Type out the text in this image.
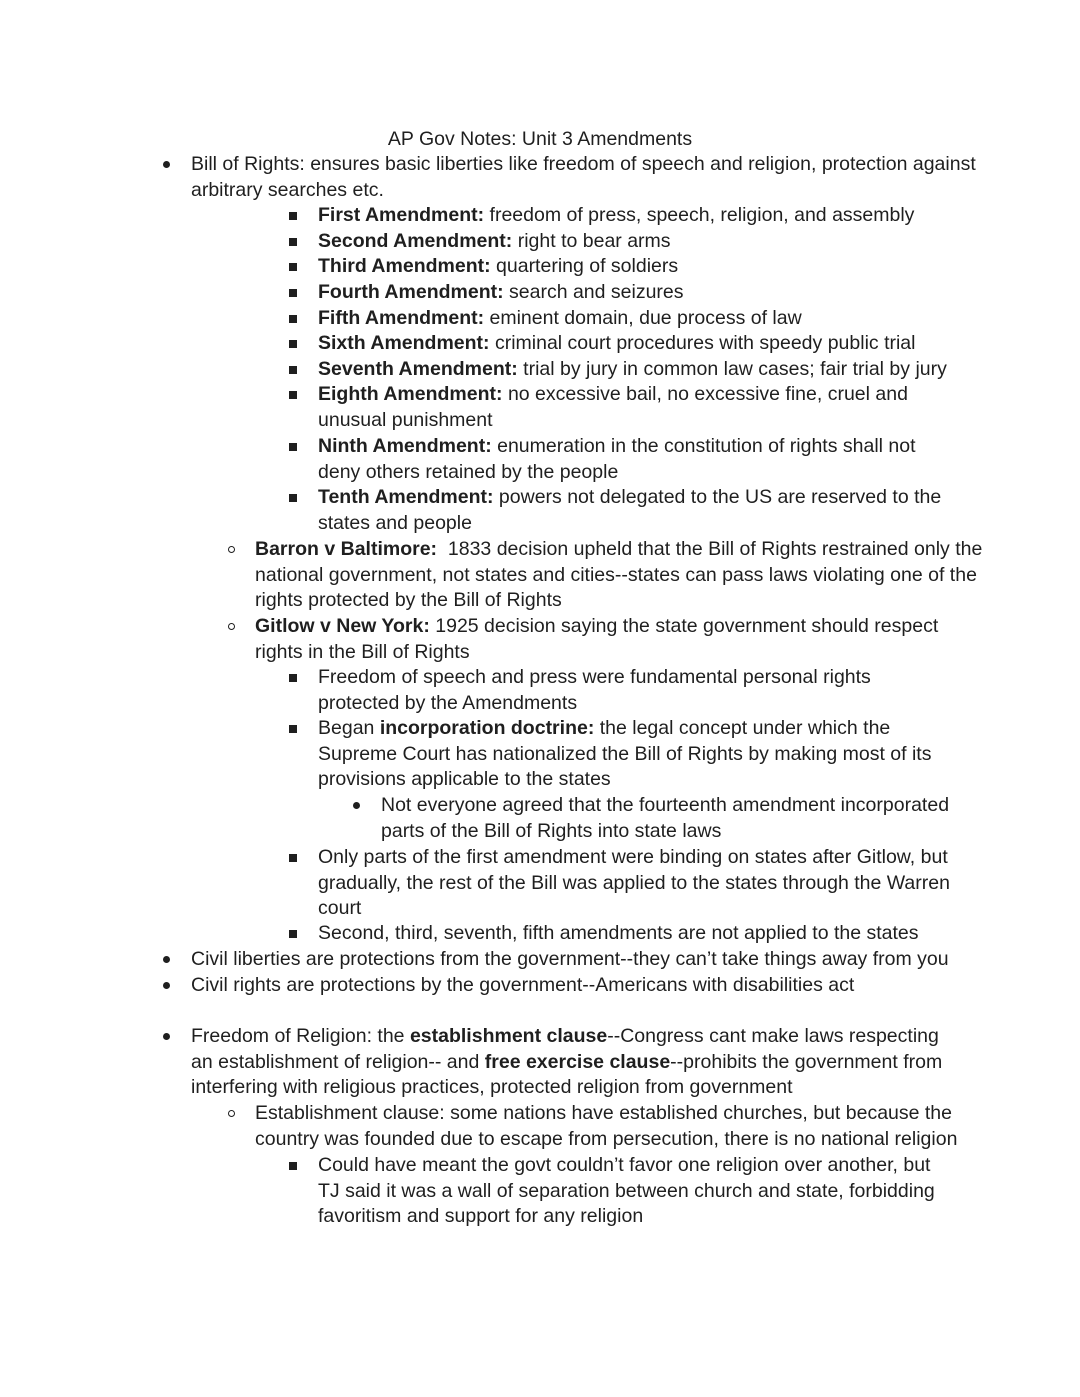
AP Gov Notes: Unit 3 Amendments
Bill of Rights: ensures basic liberties like freedom of speech and religion, protection against arbitrary searches etc.
First Amendment: freedom of press, speech, religion, and assembly
Second Amendment: right to bear arms
Third Amendment: quartering of soldiers
Fourth Amendment: search and seizures
Fifth Amendment: eminent domain, due process of law
Sixth Amendment: criminal court procedures with speedy public trial
Seventh Amendment: trial by jury in common law cases; fair trial by jury
Eighth Amendment: no excessive bail, no excessive fine, cruel and unusual punishment
Ninth Amendment: enumeration in the constitution of rights shall not deny others retained by the people
Tenth Amendment: powers not delegated to the US are reserved to the states and people
Barron v Baltimore: 1833 decision upheld that the Bill of Rights restrained only the national government, not states and cities--states can pass laws violating one of the rights protected by the Bill of Rights
Gitlow v New York: 1925 decision saying the state government should respect rights in the Bill of Rights
Freedom of speech and press were fundamental personal rights protected by the Amendments
Began incorporation doctrine: the legal concept under which the Supreme Court has nationalized the Bill of Rights by making most of its provisions applicable to the states
Not everyone agreed that the fourteenth amendment incorporated parts of the Bill of Rights into state laws
Only parts of the first amendment were binding on states after Gitlow, but gradually, the rest of the Bill was applied to the states through the Warren court
Second, third, seventh, fifth amendments are not applied to the states
Civil liberties are protections from the government--they can’t take things away from you
Civil rights are protections by the government--Americans with disabilities act
Freedom of Religion: the establishment clause--Congress cant make laws respecting an establishment of religion-- and free exercise clause--prohibits the government from interfering with religious practices, protected religion from government
Establishment clause: some nations have established churches, but because the country was founded due to escape from persecution, there is no national religion
Could have meant the govt couldn’t favor one religion over another, but TJ said it was a wall of separation between church and state, forbidding favoritism and support for any religion
